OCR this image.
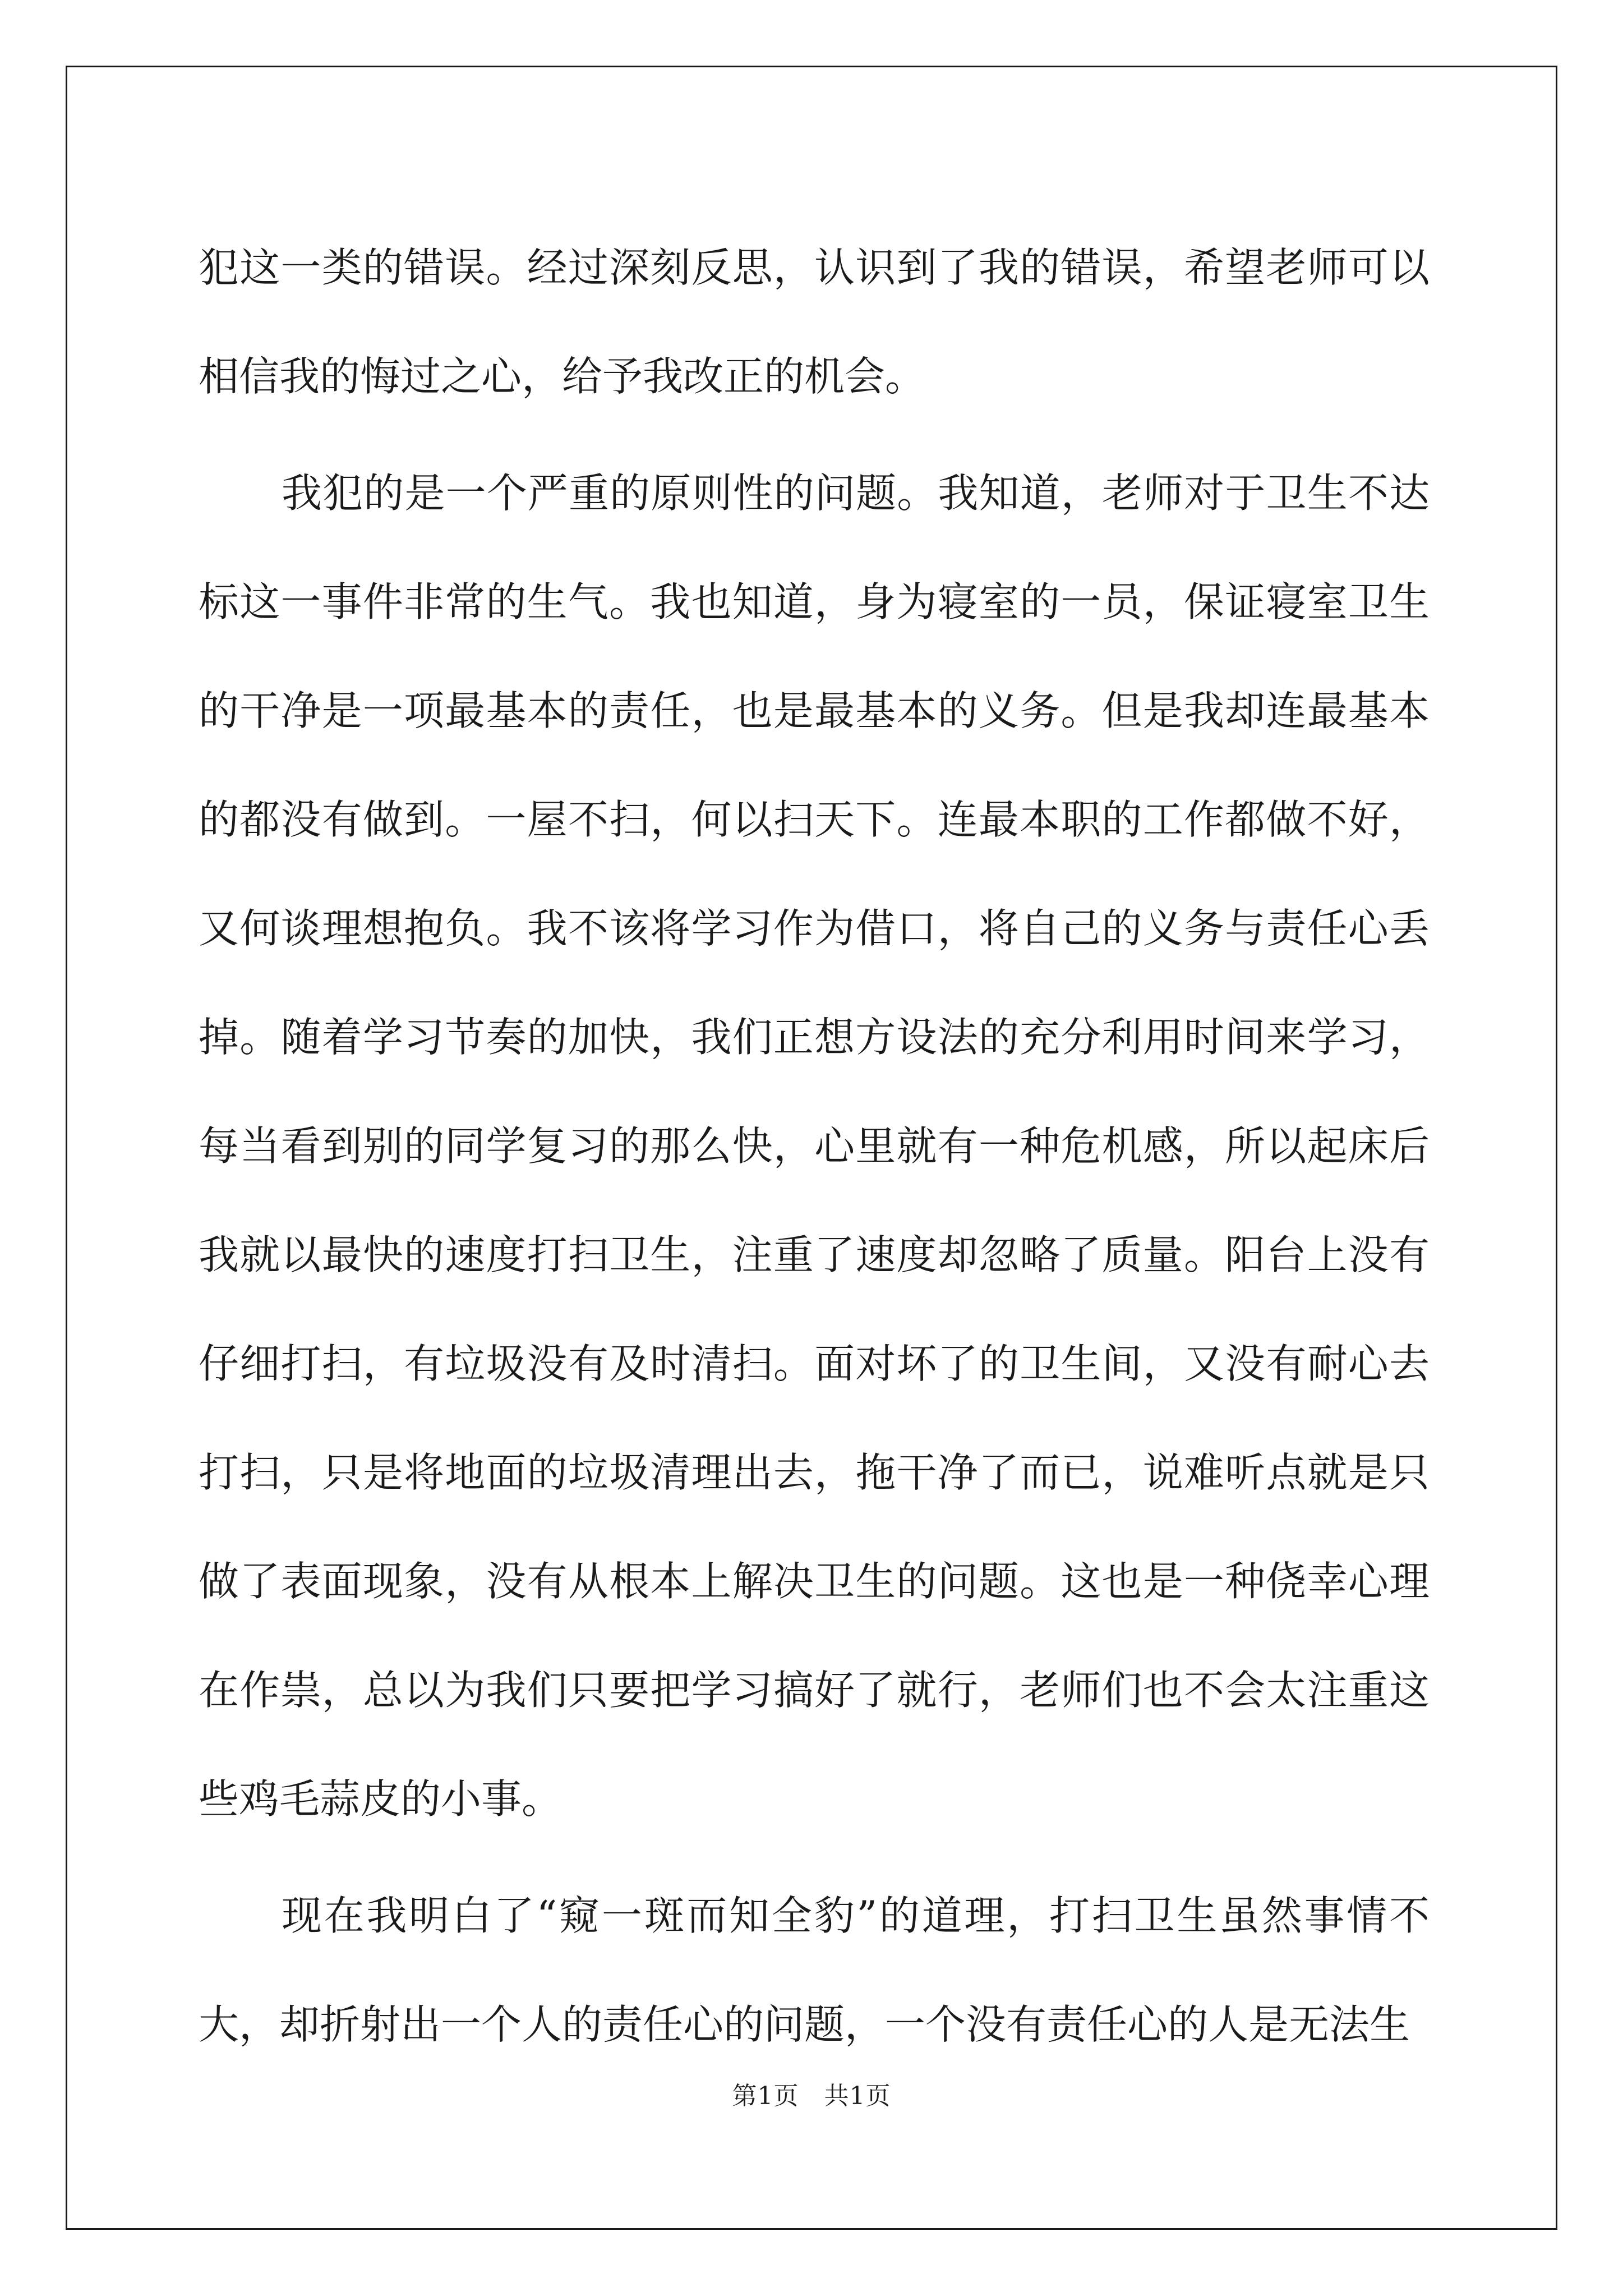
犯这一类的错误。经过深刻反思，认识到了我的错误，希望老师可以相信我的悔过之心，给予我改正的机会。

我犯的是一个严重的原则性的问题。我知道，老师对于卫生不达标这一事件非常的生气。我也知道，身为寝室的一员，保证寝室卫生的干净是一项最基本的责任，也是最基本的义务。但是我却连最基本的都没有做到。一屋不扫，何以扫天下。连最本职的工作都做不好，又何谈理想抱负。我不该将学习作为借口，将自己的义务与责任心丢掉。随着学习节奏的加快，我们正想方设法的充分利用时间来学习，每当看到别的同学复习的那么快，心里就有一种危机感，所以起床后我就以最快的速度打扫卫生，注重了速度却忽略了质量。阳台上没有仔细打扫，有垃圾没有及时清扫。面对坏了的卫生间，又没有耐心去打扫，只是将地面的垃圾清理出去，拖干净了而已，说难听点就是只做了表面现象，没有从根本上解决卫生的问题。这也是一种侥幸心理在作祟，总以为我们只要把学习搞好了就行，老师们也不会太注重这些鸡毛蒜皮的小事。

现在我明白了“窥一斑而知全豹”的道理，打扫卫生虽然事情不大，却折射出一个人的责任心的问题，一个没有责任心的人是无法生

第1页 共1页
